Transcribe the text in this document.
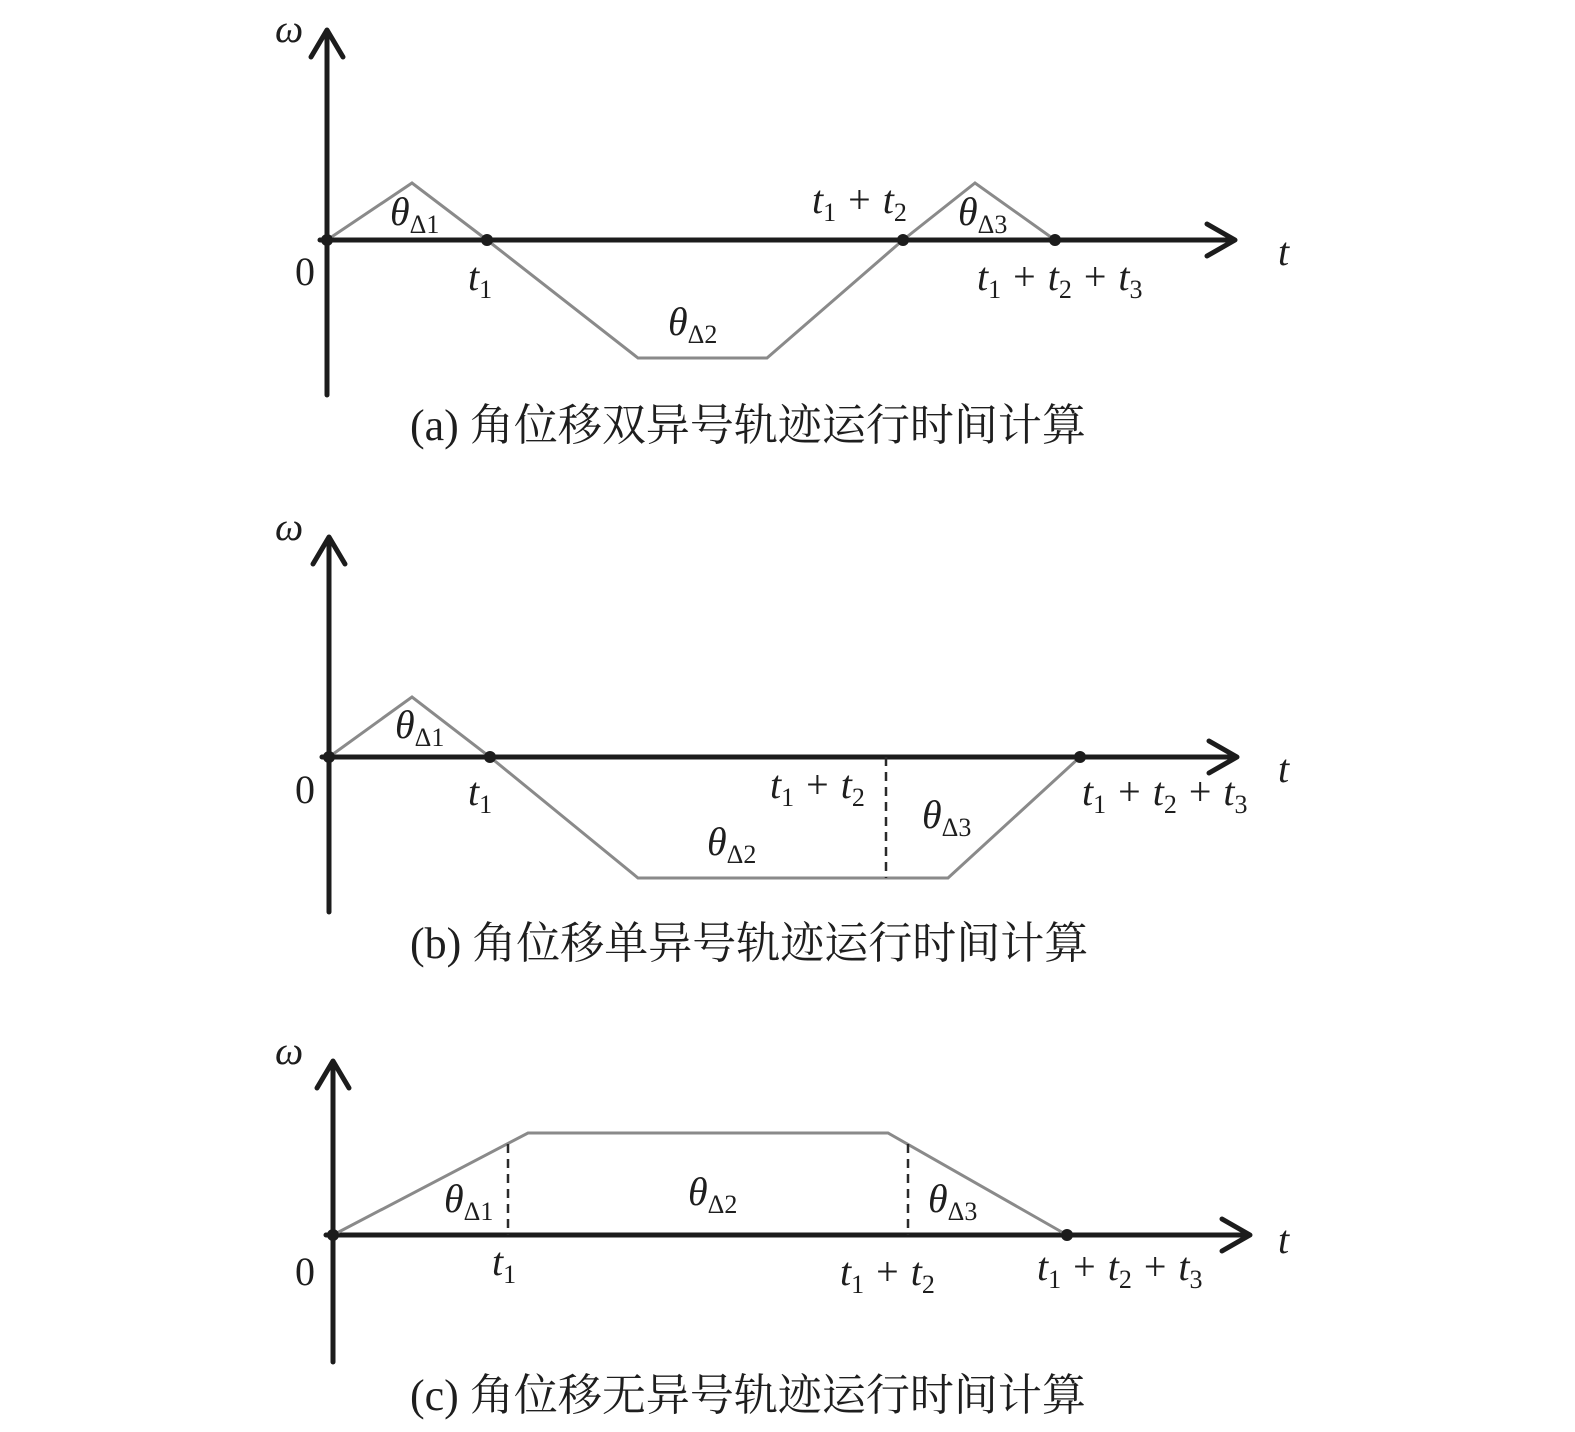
ω
t
0
$\theta_{\Delta 1}$
$\theta_{\Delta 2}$
$\theta_{\Delta 3}$
$t_1$
$t_1 + t_2$
$t_1 + t_2 + t_3$
(a) 角位移双异号轨迹运行时间计算
ω
t
0
$\theta_{\Delta 1}$
$\theta_{\Delta 2}$
$\theta_{\Delta 3}$
$t_1$	$t_1 + t_2$	$t_1 + t_2 + t_3$
(b) 角位移单异号轨迹运行时间计算
ω
t
0
$\theta_{\Delta 1}$	$\theta_{\Delta 2}$	$\theta_{\Delta 3}$
$t_1$	$t_1 + t_2$	$t_1 + t_2 + t_3$
(c) 角位移无异号轨迹运行时间计算
